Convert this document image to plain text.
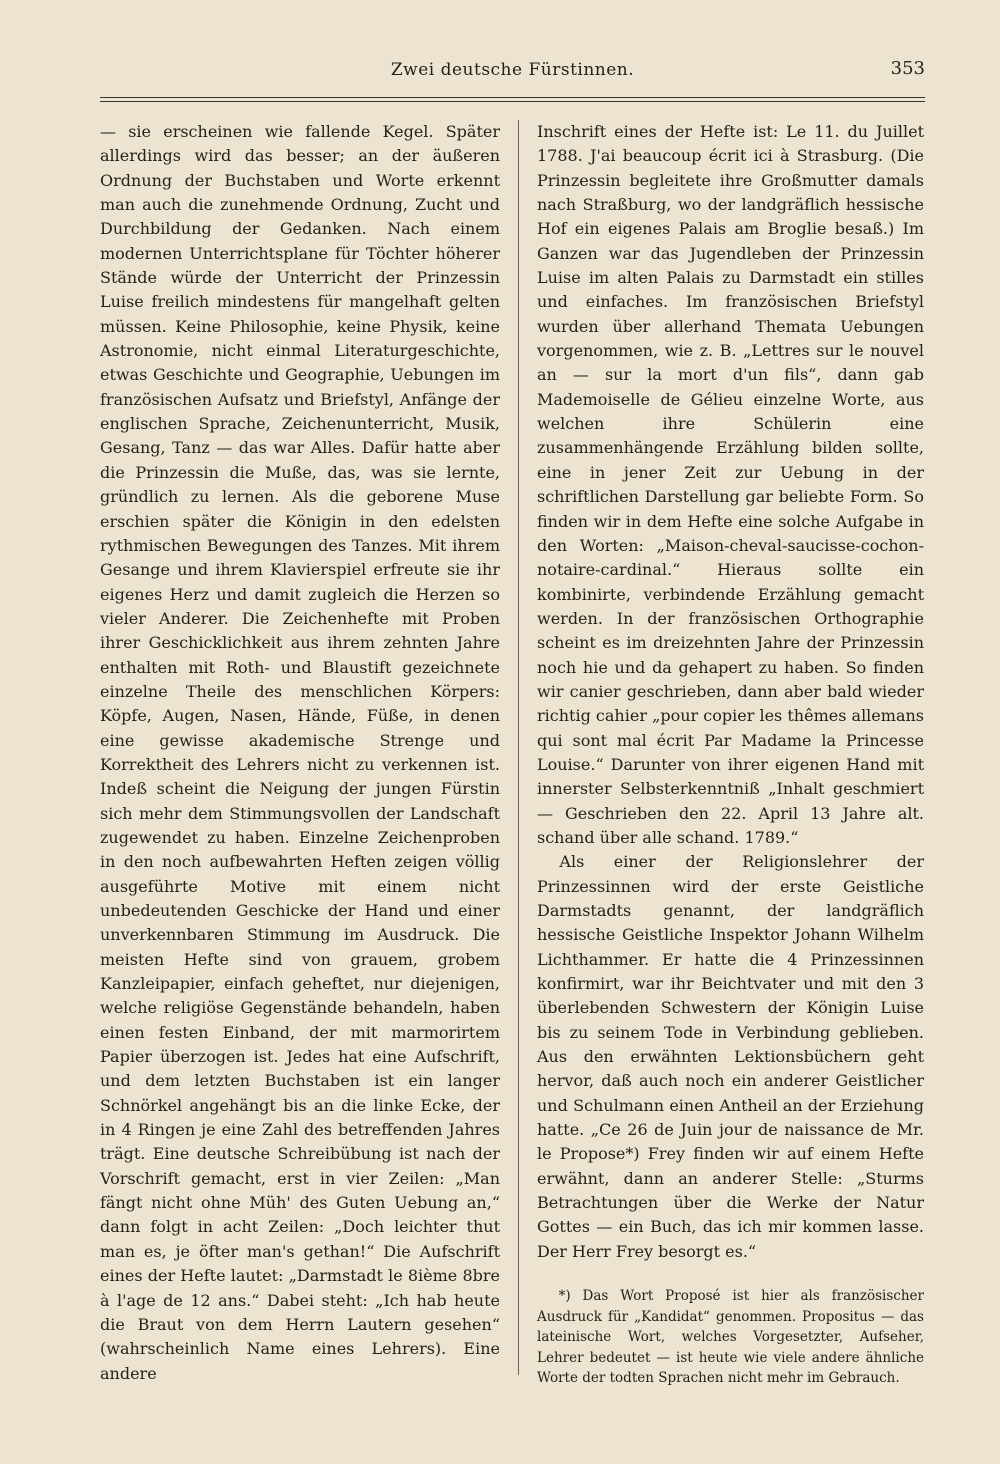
Zwei deutsche Fürstinnen.	353

— sie erscheinen wie fallende Kegel. Später allerdings wird das besser; an der äußeren Ordnung der Buchstaben und Worte erkennt man auch die zunehmende Ordnung, Zucht und Durchbildung der Gedanken. Nach einem modernen Unterrichtsplane für Töchter höherer Stände würde der Unterricht der Prinzessin Luise freilich mindestens für mangelhaft gelten müssen. Keine Philosophie, keine Physik, keine Astronomie, nicht einmal Literaturgeschichte, etwas Geschichte und Geographie, Uebungen im französischen Aufsatz und Briefstyl, Anfänge der englischen Sprache, Zeichenunterricht, Musik, Gesang, Tanz — das war Alles. Dafür hatte aber die Prinzessin die Muße, das, was sie lernte, gründlich zu lernen. Als die geborene Muse erschien später die Königin in den edelsten rythmischen Bewegungen des Tanzes. Mit ihrem Gesange und ihrem Klavierspiel erfreute sie ihr eigenes Herz und damit zugleich die Herzen so vieler Anderer. Die Zeichenhefte mit Proben ihrer Geschicklichkeit aus ihrem zehnten Jahre enthalten mit Roth- und Blaustift gezeichnete einzelne Theile des menschlichen Körpers: Köpfe, Augen, Nasen, Hände, Füße, in denen eine gewisse akademische Strenge und Korrektheit des Lehrers nicht zu verkennen ist. Indeß scheint die Neigung der jungen Fürstin sich mehr dem Stimmungsvollen der Landschaft zugewendet zu haben. Einzelne Zeichenproben in den noch aufbewahrten Heften zeigen völlig ausgeführte Motive mit einem nicht unbedeutenden Geschicke der Hand und einer unverkennbaren Stimmung im Ausdruck. Die meisten Hefte sind von grauem, grobem Kanzleipapier, einfach geheftet, nur diejenigen, welche religiöse Gegenstände behandeln, haben einen festen Einband, der mit marmorirtem Papier überzogen ist. Jedes hat eine Aufschrift, und dem letzten Buchstaben ist ein langer Schnörkel angehängt bis an die linke Ecke, der in 4 Ringen je eine Zahl des betreffenden Jahres trägt. Eine deutsche Schreibübung ist nach der Vorschrift gemacht, erst in vier Zeilen: „Man fängt nicht ohne Müh' des Guten Uebung an,“ dann folgt in acht Zeilen: „Doch leichter thut man es, je öfter man's gethan!“ Die Aufschrift eines der Hefte lautet: „Darmstadt le 8ième 8bre à l'age de 12 ans.“ Dabei steht: „Ich hab heute die Braut von dem Herrn Lautern gesehen“ (wahrscheinlich Name eines Lehrers). Eine andere

Inschrift eines der Hefte ist: Le 11. du Juillet 1788. J'ai beaucoup écrit ici à Strasburg. (Die Prinzessin begleitete ihre Großmutter damals nach Straßburg, wo der landgräflich hessische Hof ein eigenes Palais am Broglie besaß.) Im Ganzen war das Jugendleben der Prinzessin Luise im alten Palais zu Darmstadt ein stilles und einfaches. Im französischen Briefstyl wurden über allerhand Themata Uebungen vorgenommen, wie z. B. „Lettres sur le nouvel an — sur la mort d'un fils“, dann gab Mademoiselle de Gélieu einzelne Worte, aus welchen ihre Schülerin eine zusammenhängende Erzählung bilden sollte, eine in jener Zeit zur Uebung in der schriftlichen Darstellung gar beliebte Form. So finden wir in dem Hefte eine solche Aufgabe in den Worten: „Maison-cheval-saucisse-cochon-notaire-cardinal.“ Hieraus sollte ein kombinirte, verbindende Erzählung gemacht werden. In der französischen Orthographie scheint es im dreizehnten Jahre der Prinzessin noch hie und da gehapert zu haben. So finden wir canier geschrieben, dann aber bald wieder richtig cahier „pour copier les thêmes allemans qui sont mal écrit Par Madame la Princesse Louise.“ Darunter von ihrer eigenen Hand mit innerster Selbsterkenntniß „Inhalt geschmiert — Geschrieben den 22. April 13 Jahre alt. schand über alle schand. 1789.“

Als einer der Religionslehrer der Prinzessinnen wird der erste Geistliche Darmstadts genannt, der landgräflich hessische Geistliche Inspektor Johann Wilhelm Lichthammer. Er hatte die 4 Prinzessinnen konfirmirt, war ihr Beichtvater und mit den 3 überlebenden Schwestern der Königin Luise bis zu seinem Tode in Verbindung geblieben. Aus den erwähnten Lektionsbüchern geht hervor, daß auch noch ein anderer Geistlicher und Schulmann einen Antheil an der Erziehung hatte. „Ce 26 de Juin jour de naissance de Mr. le Propose*) Frey finden wir auf einem Hefte erwähnt, dann an anderer Stelle: „Sturms Betrachtungen über die Werke der Natur Gottes — ein Buch, das ich mir kommen lasse. Der Herr Frey besorgt es.“

*) Das Wort Proposé ist hier als französischer Ausdruck für „Kandidat“ genommen. Propositus — das lateinische Wort, welches Vorgesetzter, Aufseher, Lehrer bedeutet — ist heute wie viele andere ähnliche Worte der todten Sprachen nicht mehr im Gebrauch.
